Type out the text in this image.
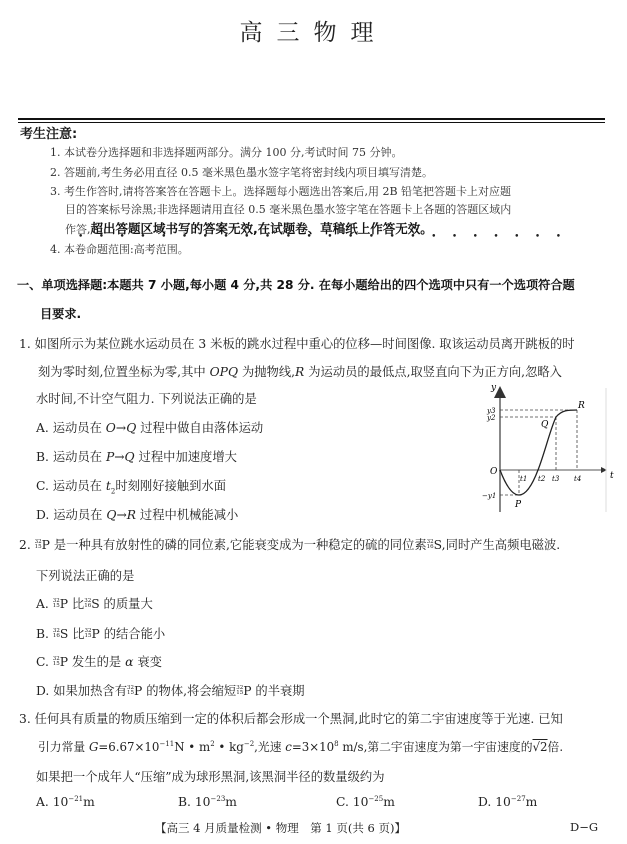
高三物理
考生注意:
1. 本试卷分选择题和非选择题两部分。满分 100 分,考试时间 75 分钟。
2. 答题前,考生务必用直径 0.5 毫米黑色墨水签字笔将密封线内项目填写清楚。
3. 考生作答时,请将答案答在答题卡上。选择题每小题选出答案后,用 2B 铅笔把答题卡上对应题
目的答案标号涂黑;非选择题请用直径 0.5 毫米黑色墨水签字笔在答题卡上各题的答题区域内
作答,超出答题区域书写的答案无效,在试题卷、草稿纸上作答无效。
• • • • • • • • • • • • • • • • • • • • • • • •
4. 本卷命题范围:高考范围。
一、单项选择题:本题共 7 小题,每小题 4 分,共 28 分. 在每小题给出的四个选项中只有一个选项符合题
目要求.
1. 如图所示为某位跳水运动员在 3 米板的跳水过程中重心的位移—时间图像. 取该运动员离开跳板的时
刻为零时刻,位置坐标为零,其中 OPQ 为抛物线,R 为运动员的最低点,取竖直向下为正方向,忽略入
水时间,不计空气阻力. 下列说法正确的是
A. 运动员在 O→Q 过程中做自由落体运动
B. 运动员在 P→Q 过程中加速度增大
C. 运动员在 $t_2$时刻刚好接触到水面
D. 运动员在 Q→R 过程中机械能减小
y
t
O
y3
y2
−y1
t1 t2 t3 t4
P
Q
R
2. 32
15 P 是一种具有放射性的磷的同位素,它能衰变成为一种稳定的硫的同位素 32
16 S,同时产生高频电磁波.
下列说法正确的是
A. 32
15 P 比 32
16 S 的质量大
B. 32
16 S 比 32
15 P 的结合能小
C. 32
15 P 发生的是 α 衰变
D. 如果加热含有 32
15 P 的物体,将会缩短 32
15 P 的半衰期
3. 任何具有质量的物质压缩到一定的体积后都会形成一个黑洞,此时它的第二宇宙速度等于光速. 已知
引力常量 $G=6.67\times 10^{-11}N$ • $m^2$ • $kg^{-2}$,光速 $c=3\times 10^8$ m/s,第二宇宙速度为第一宇宙速度的√2倍.
如果把一个成年人“压缩”成为球形黑洞,该黑洞半径的数量级约为
A. $10^{-21}m$	B. $10^{-23}m$	C. $10^{-25}m$	D. $10^{-27}m$
【高三 4 月质量检测 • 物理　第 1 页(共 6 页)】	D−G
